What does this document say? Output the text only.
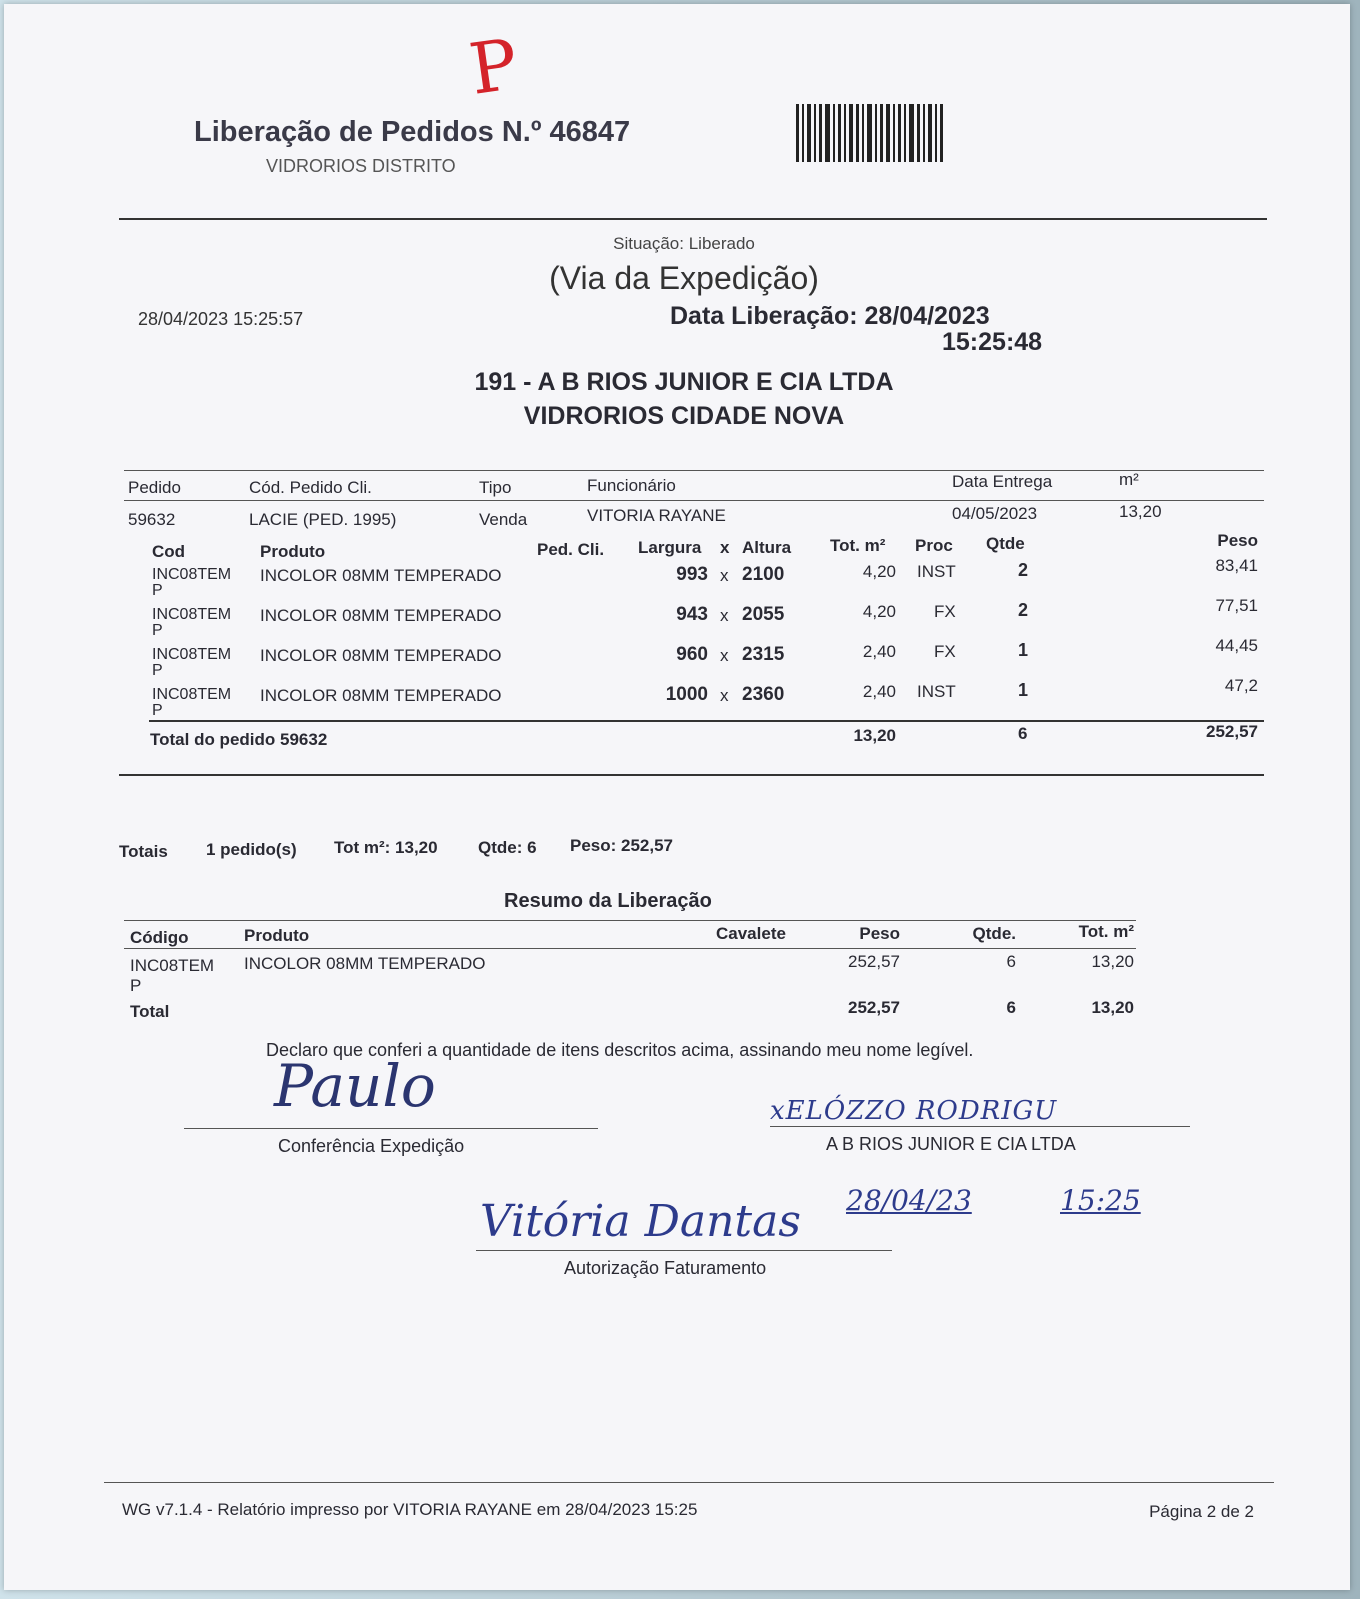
P
Liberação de Pedidos N.º 46847
VIDRORIOS DISTRITO
Situação: Liberado
(Via da Expedição)
28/04/2023 15:25:57	Data Liberação: 28/04/2023
15:25:48
191 - A B RIOS JUNIOR E CIA LTDA
VIDRORIOS CIDADE NOVA
Pedido	Cód. Pedido Cli.	Tipo	Funcionário	Data Entrega	m²
59632	LACIE (PED. 1995)	Venda	VITORIA RAYANE	04/05/2023	13,20
Cod	Produto	Ped. Cli. Largura x Altura Tot. m² Proc Qtde	Peso
INC08TEM
P
INCOLOR 08MM TEMPERADO	993 x 2100	4,20 INST	2	83,41
INC08TEM
P
INCOLOR 08MM TEMPERADO	943 x 2055	4,20 FX	2	77,51
INC08TEM
P
INCOLOR 08MM TEMPERADO	960 x 2315	2,40 FX	1	44,45
INC08TEM
P
INCOLOR 08MM TEMPERADO	1000 x 2360	2,40 INST	1	47,2
Total do pedido 59632	13,20	6	252,57
Totais 1 pedido(s) Tot m²: 13,20 Qtde: 6 Peso: 252,57
Resumo da Liberação
Código	Produto	Cavalete	Peso	Qtde.	Tot. m²
INC08TEM
P
INCOLOR 08MM TEMPERADO	252,57	6	13,20
Total	252,57	6	13,20
Declaro que conferi a quantidade de itens descritos acima, assinando meu nome legível.
Paulo
Conferência Expedição
xELÓZZO RODRIGU
A B RIOS JUNIOR E CIA LTDA
28/04/23	15:25
Vitória Dantas
Autorização Faturamento
WG v7.1.4 - Relatório impresso por VITORIA RAYANE em 28/04/2023 15:25	Página 2 de 2
